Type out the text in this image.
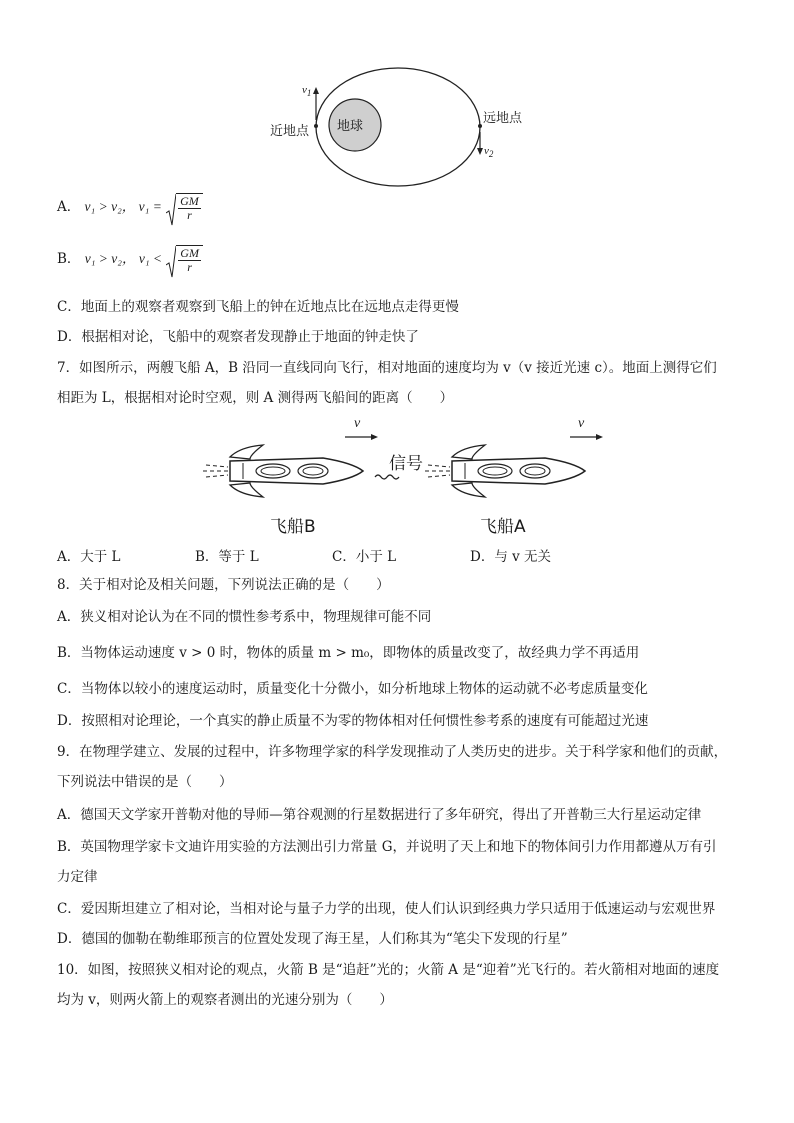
地球
近地点
远地点
$v_1$
$v_2$
A． v₁ > v₂， $v_1 = \frac{GM}{r}$
B． v₁ > v₂， $v_1 < \frac{GM}{r}$
C．地面上的观察者观察到飞船上的钟在近地点比在远地点走得更慢
D．根据相对论，飞船中的观察者发现静止于地面的钟走快了
7．如图所示，两艘飞船 A，B 沿同一直线同向飞行，相对地面的速度均为 v（v 接近光速 c）。地面上测得它们
相距为 L，根据相对论时空观，则 A 测得两飞船间的距离（　　）
v	v
信号
飞船B	飞船A
A．大于 L	B．等于 L	C．小于 L	D．与 v 无关
8．关于相对论及相关问题，下列说法正确的是（　　）
A．狭义相对论认为在不同的惯性参考系中，物理规律可能不同
B．当物体运动速度 v > 0 时，物体的质量 m > m₀，即物体的质量改变了，故经典力学不再适用
C．当物体以较小的速度运动时，质量变化十分微小，如分析地球上物体的运动就不必考虑质量变化
D．按照相对论理论，一个真实的静止质量不为零的物体相对任何惯性参考系的速度有可能超过光速
9．在物理学建立、发展的过程中，许多物理学家的科学发现推动了人类历史的进步。关于科学家和他们的贡献，
下列说法中错误的是（　　）
A．德国天文学家开普勒对他的导师—第谷观测的行星数据进行了多年研究，得出了开普勒三大行星运动定律
B．英国物理学家卡文迪许用实验的方法测出引力常量 G，并说明了天上和地下的物体间引力作用都遵从万有引
力定律
C．爱因斯坦建立了相对论，当相对论与量子力学的出现，使人们认识到经典力学只适用于低速运动与宏观世界
D．德国的伽勒在勒维耶预言的位置处发现了海王星，人们称其为“笔尖下发现的行星”
10．如图，按照狭义相对论的观点，火箭 B 是“追赶”光的；火箭 A 是“迎着”光飞行的。若火箭相对地面的速度
均为 v，则两火箭上的观察者测出的光速分别为（　　）
